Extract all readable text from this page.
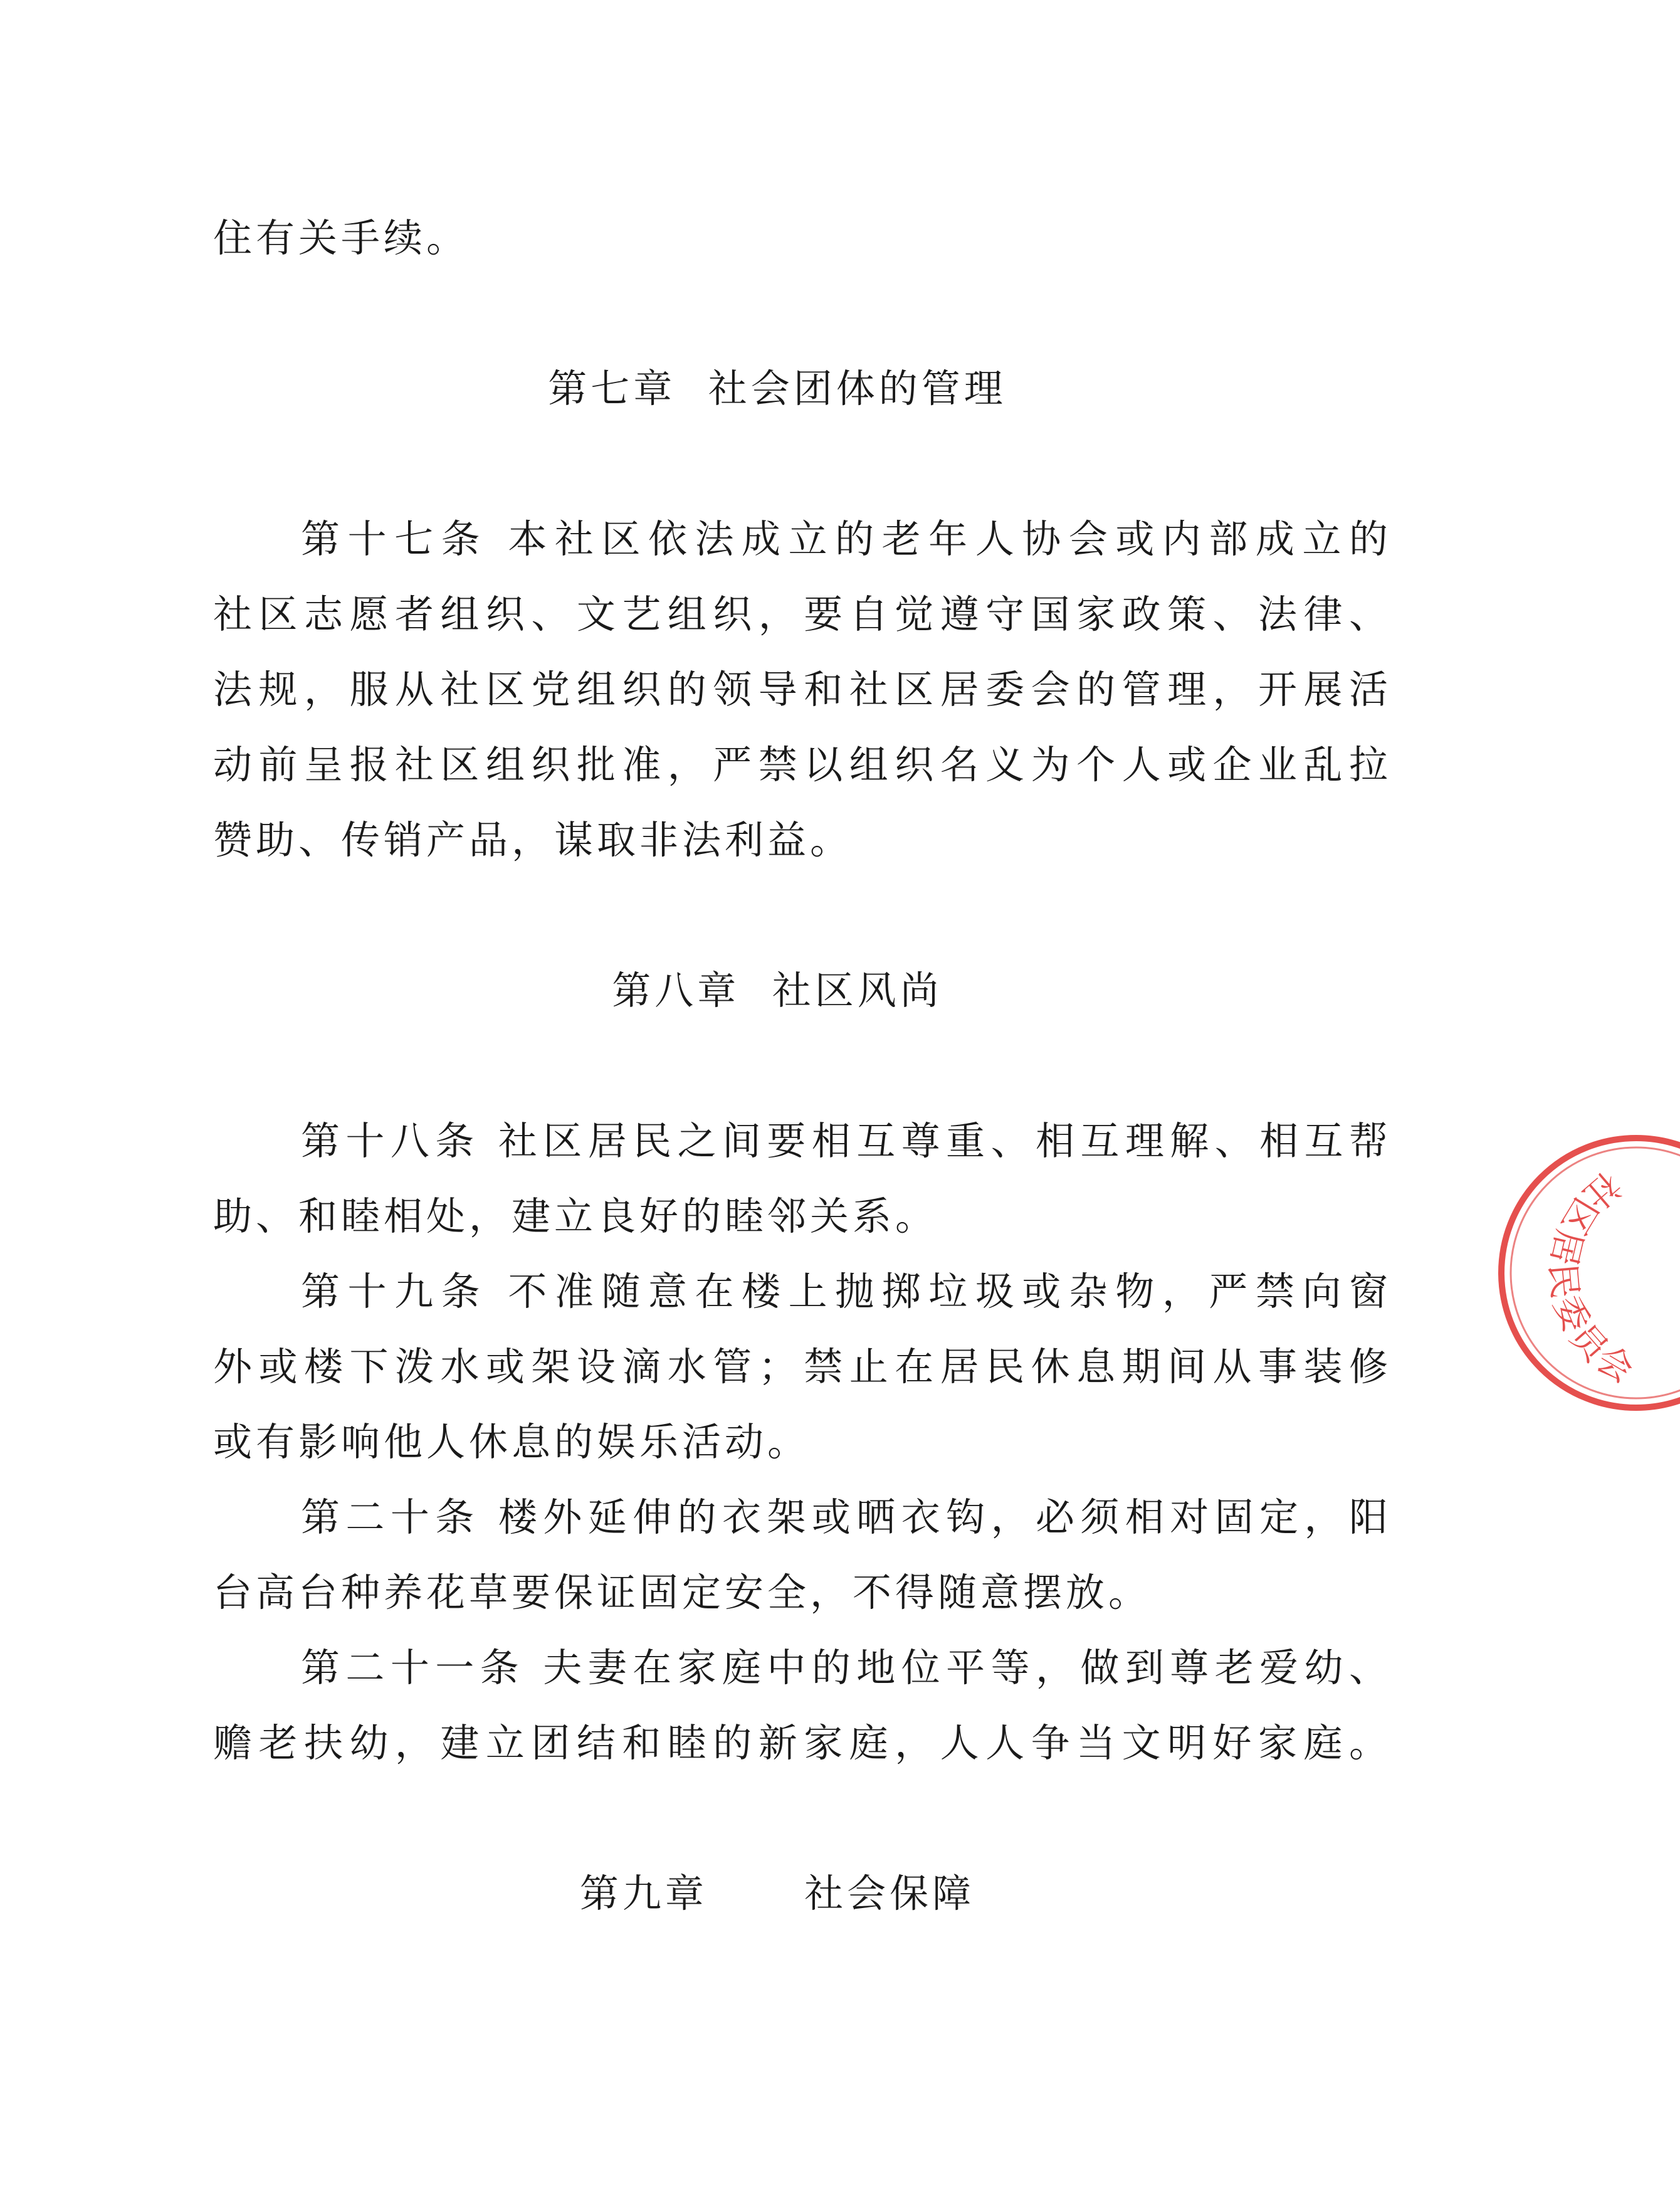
住有关手续。
第七章  社会团体的管理
第十七条 本社区依法成立的老年人协会或内部成立的
社区志愿者组织、文艺组织，要自觉遵守国家政策、法律、
法规，服从社区党组织的领导和社区居委会的管理，开展活
动前呈报社区组织批准，严禁以组织名义为个人或企业乱拉
赞助、传销产品，谋取非法利益。
第八章  社区风尚
第十八条 社区居民之间要相互尊重、相互理解、相互帮
助、和睦相处，建立良好的睦邻关系。
第十九条 不准随意在楼上抛掷垃圾或杂物，严禁向窗
外或楼下泼水或架设滴水管；禁止在居民休息期间从事装修
或有影响他人休息的娱乐活动。
第二十条 楼外延伸的衣架或晒衣钩，必须相对固定，阳
台高台种养花草要保证固定安全，不得随意摆放。
第二十一条 夫妻在家庭中的地位平等，做到尊老爱幼、
赡老扶幼，建立团结和睦的新家庭，人人争当文明好家庭。
第九章      社会保障
社区居民委员会
